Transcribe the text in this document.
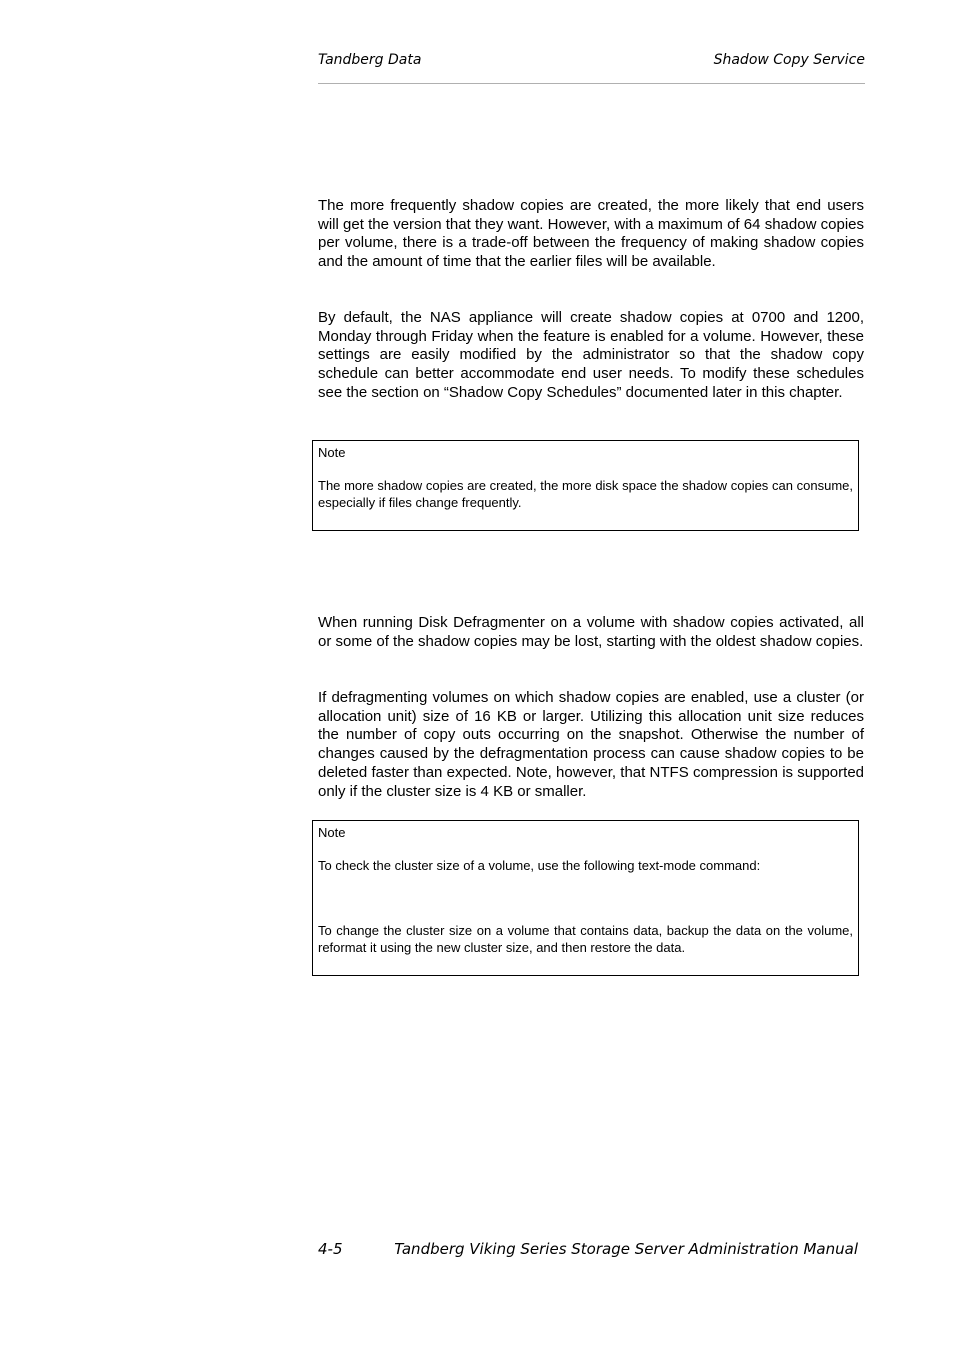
Tandberg Data	Shadow Copy Service

The more frequently shadow copies are created, the more likely that end users will get the version that they want. However, with a maximum of 64 shadow copies per volume, there is a trade-off between the frequency of making shadow copies and the amount of time that the earlier files will be available.

By default, the NAS appliance will create shadow copies at 0700 and 1200, Monday through Friday when the feature is enabled for a volume. However, these settings are easily modified by the administrator so that the shadow copy schedule can better accommodate end user needs. To modify these schedules see the section on “Shadow Copy Schedules” documented later in this chapter.

Note
The more shadow copies are created, the more disk space the shadow copies can consume, especially if files change frequently.

When running Disk Defragmenter on a volume with shadow copies activated, all or some of the shadow copies may be lost, starting with the oldest shadow copies.

If defragmenting volumes on which shadow copies are enabled, use a cluster (or allocation unit) size of 16 KB or larger. Utilizing this allocation unit size reduces the number of copy outs occurring on the snapshot. Otherwise the number of changes caused by the defragmentation process can cause shadow copies to be deleted faster than expected. Note, however, that NTFS compression is supported only if the cluster size is 4 KB or smaller.

Note
To check the cluster size of a volume, use the following text-mode command:
To change the cluster size on a volume that contains data, backup the data on the volume, reformat it using the new cluster size, and then restore the data.
4-5	Tandberg Viking Series Storage Server Administration Manual
